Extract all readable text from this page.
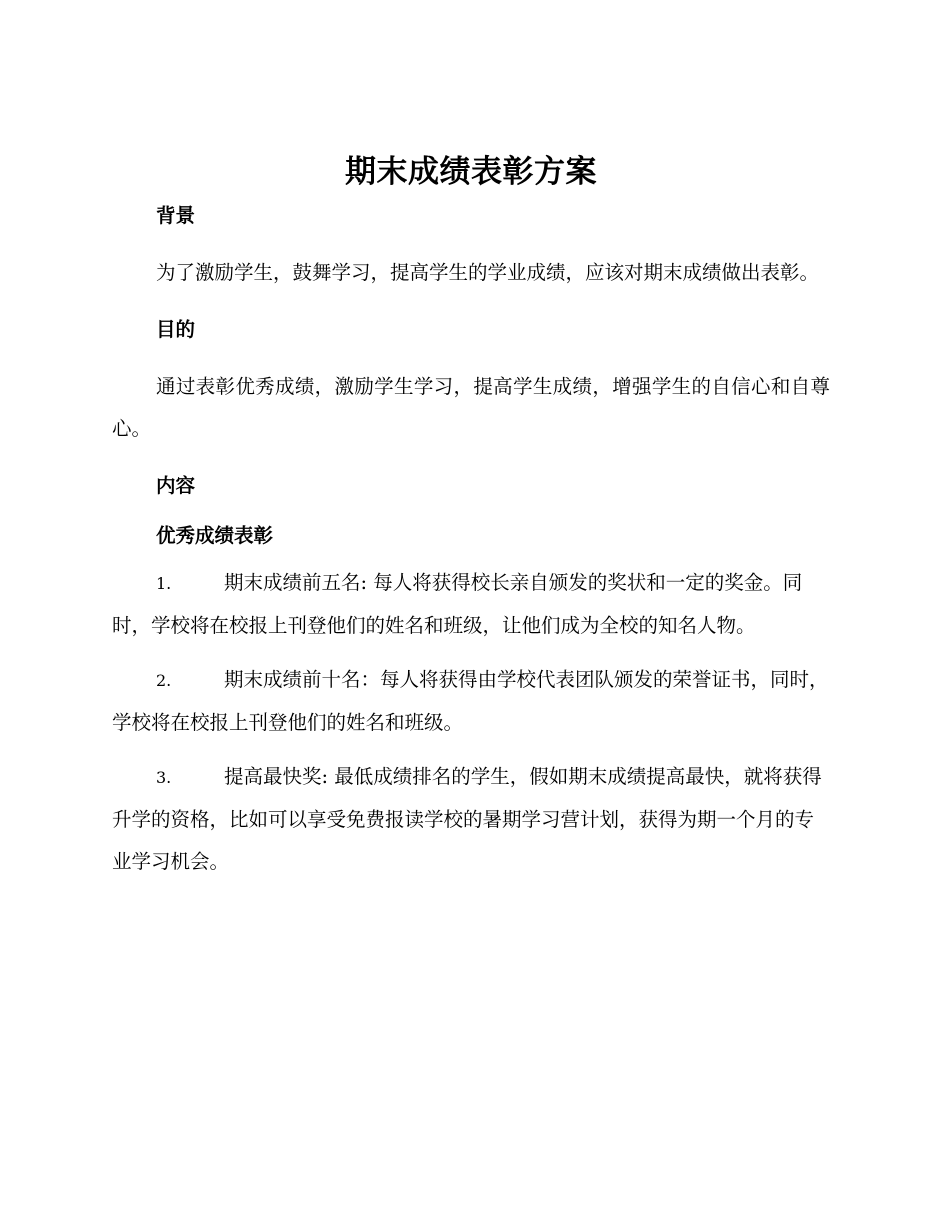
期末成绩表彰方案
背景

为了激励学生，鼓舞学习，提高学生的学业成绩，应该对期末成绩做出表彰。

目的

通过表彰优秀成绩，激励学生学习，提高学生成绩，增强学生的自信心和自尊心。

内容
优秀成绩表彰

1.	期末成绩前五名: 每人将获得校长亲自颁发的奖状和一定的奖金。同时，学校将在校报上刊登他们的姓名和班级，让他们成为全校的知名人物。

2.	期末成绩前十名：每人将获得由学校代表团队颁发的荣誉证书，同时，学校将在校报上刊登他们的姓名和班级。

3.	提高最快奖: 最低成绩排名的学生，假如期末成绩提高最快，就将获得升学的资格，比如可以享受免费报读学校的暑期学习营计划，获得为期一个月的专业学习机会。
